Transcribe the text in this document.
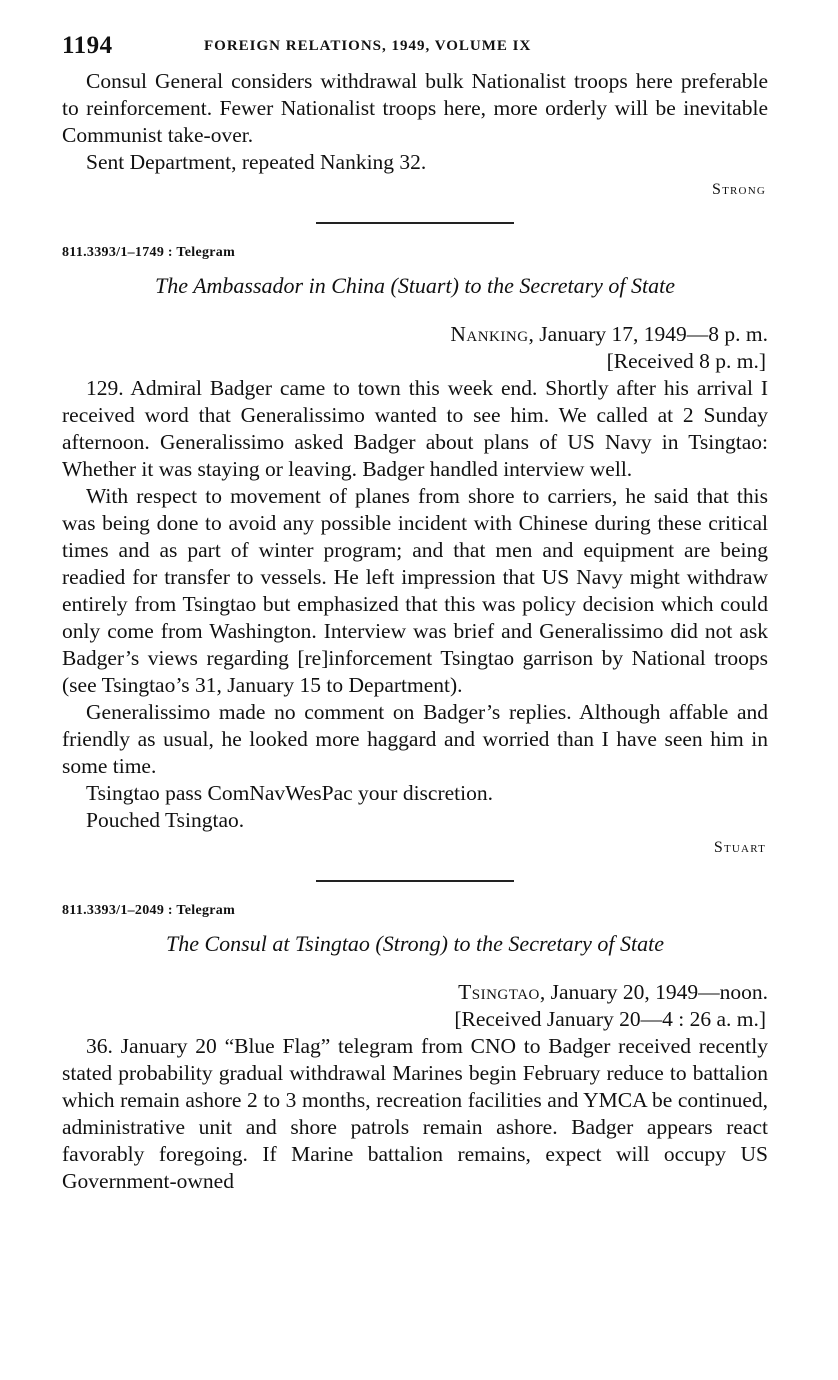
1194	FOREIGN RELATIONS, 1949, VOLUME IX

Consul General considers withdrawal bulk Nationalist troops here preferable to reinforcement. Fewer Nationalist troops here, more orderly will be inevitable Communist take-over.

Sent Department, repeated Nanking 32.

Strong
811.3393/1–1749 : Telegram
The Ambassador in China (Stuart) to the Secretary of State
Nanking, January 17, 1949—8 p. m.
[Received 8 p. m.]

129. Admiral Badger came to town this week end. Shortly after his arrival I received word that Generalissimo wanted to see him. We called at 2 Sunday afternoon. Generalissimo asked Badger about plans of US Navy in Tsingtao: Whether it was staying or leaving. Badger handled interview well.

With respect to movement of planes from shore to carriers, he said that this was being done to avoid any possible incident with Chinese during these critical times and as part of winter program; and that men and equipment are being readied for transfer to vessels. He left impression that US Navy might withdraw entirely from Tsingtao but emphasized that this was policy decision which could only come from Washington. Interview was brief and Generalissimo did not ask Badger’s views regarding [re]inforcement Tsingtao garrison by National troops (see Tsingtao’s 31, January 15 to Department).

Generalissimo made no comment on Badger’s replies. Although affable and friendly as usual, he looked more haggard and worried than I have seen him in some time.

Tsingtao pass ComNavWesPac your discretion.

Pouched Tsingtao.

Stuart
811.3393/1–2049 : Telegram
The Consul at Tsingtao (Strong) to the Secretary of State
Tsingtao, January 20, 1949—noon.
[Received January 20—4 : 26 a. m.]

36. January 20 “Blue Flag” telegram from CNO to Badger received recently stated probability gradual withdrawal Marines begin February reduce to battalion which remain ashore 2 to 3 months, recreation facilities and YMCA be continued, administrative unit and shore patrols remain ashore. Badger appears react favorably foregoing. If Marine battalion remains, expect will occupy US Government-owned
